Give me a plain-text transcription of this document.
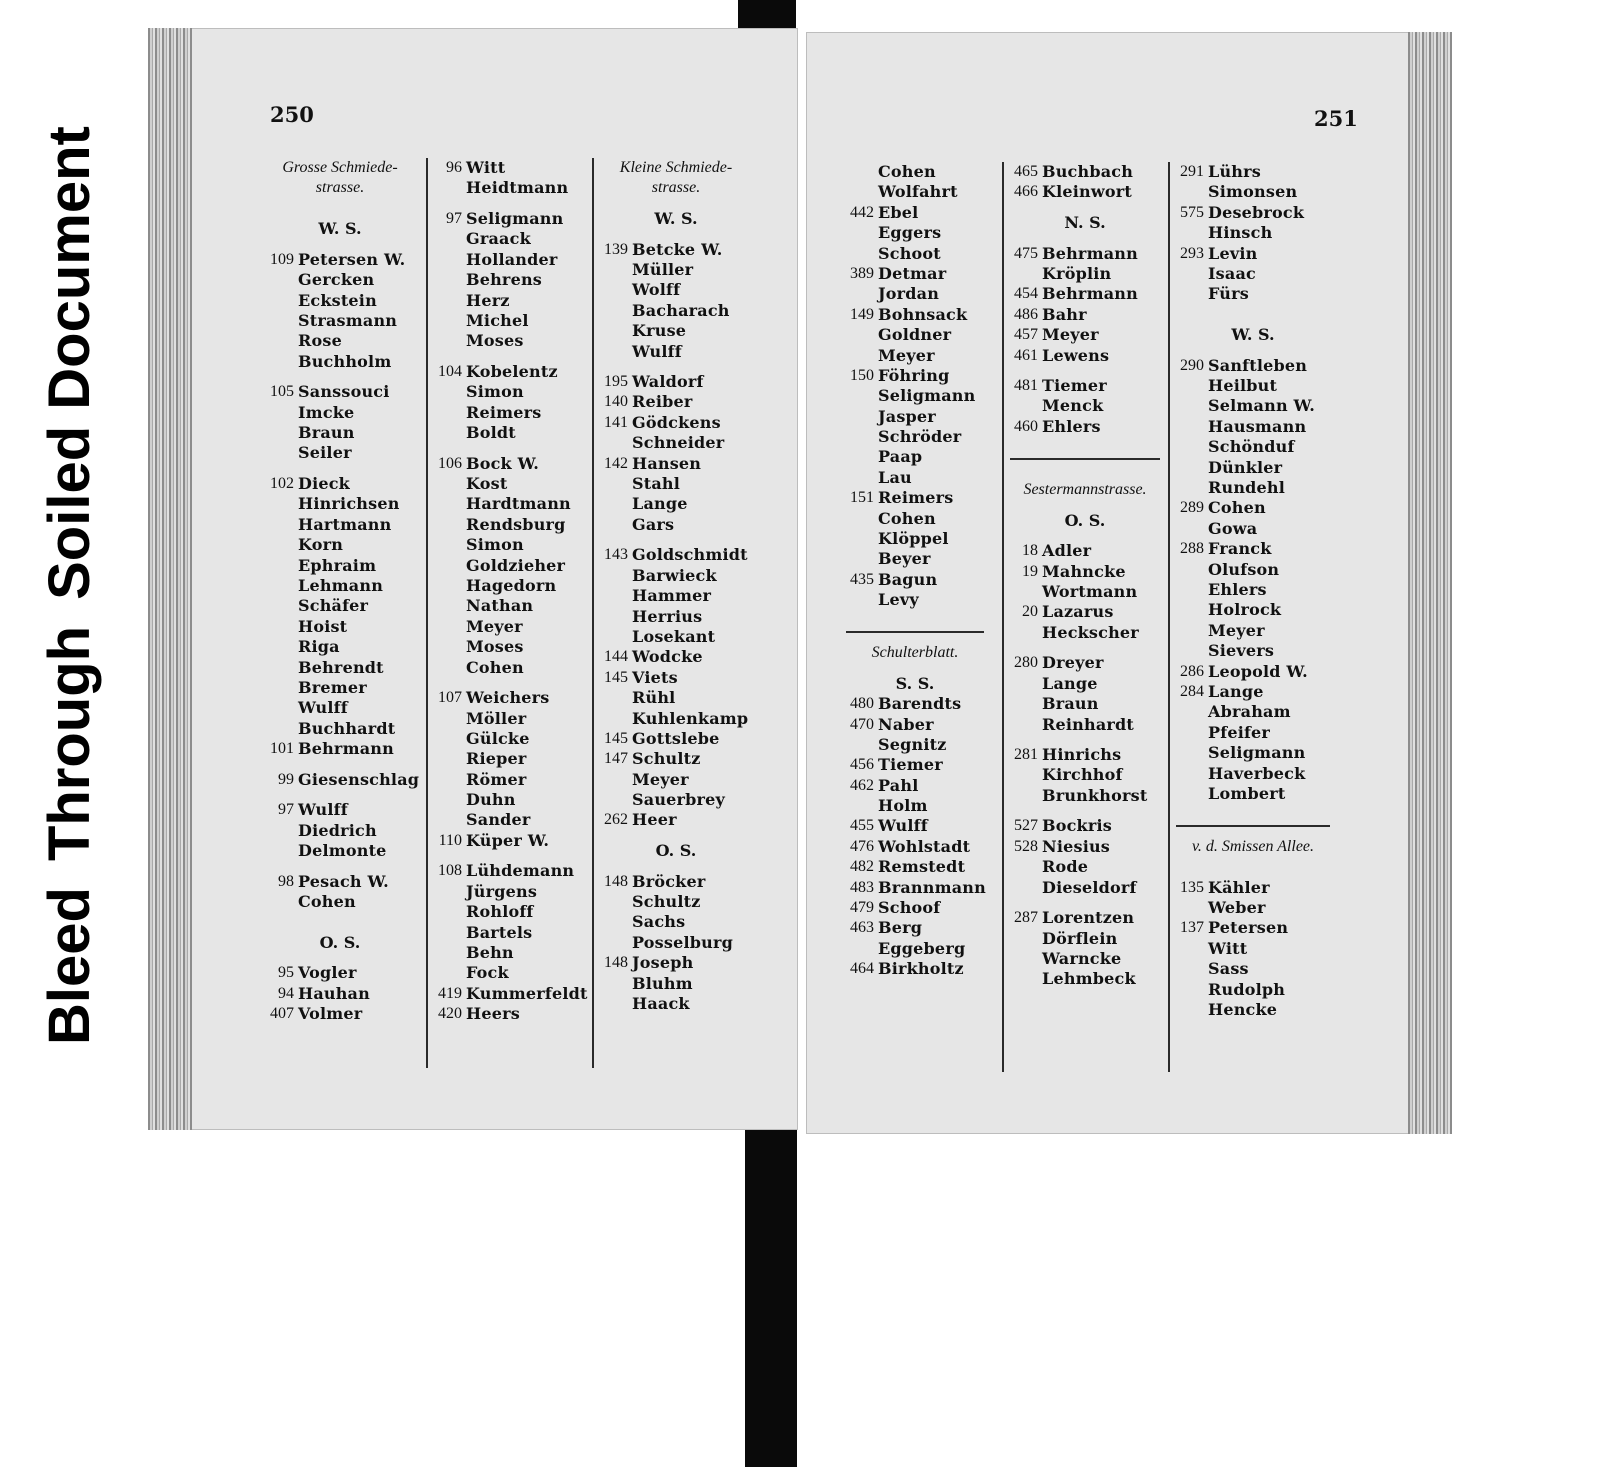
BleedThroughSoiled Document
250
Grosse Schmiede-
strasse.
W. S.
109 Petersen W.
Gercken
Eckstein
Strasmann
Rose
Buchholm
105 Sanssouci
Imcke
Braun
Seiler
102 Dieck
Hinrichsen
Hartmann
Korn
Ephraim
Lehmann
Schäfer
Hoist
Riga
Behrendt
Bremer
Wulff
Buchhardt
101 Behrmann
99 Giesenschlag
97 Wulff
Diedrich
Delmonte
98 Pesach W.
Cohen
O. S.
95 Vogler
94 Hauhan
407 Volmer
96 Witt
Heidtmann
97 Seligmann
Graack
Hollander
Behrens
Herz
Michel
Moses
104 Kobelentz
Simon
Reimers
Boldt
106 Bock W.
Kost
Hardtmann
Rendsburg
Simon
Goldzieher
Hagedorn
Nathan
Meyer
Moses
Cohen
107 Weichers
Möller
Gülcke
Rieper
Römer
Duhn
Sander
110 Küper W.
108 Lühdemann
Jürgens
Rohloff
Bartels
Behn
Fock
419 Kummerfeldt
420 Heers
Kleine Schmiede-
strasse.
W. S.
139 Betcke W.
Müller
Wolff
Bacharach
Kruse
Wulff
195 Waldorf
140 Reiber
141 Gödckens
Schneider
142 Hansen
Stahl
Lange
Gars
143 Goldschmidt
Barwieck
Hammer
Herrius
Losekant
144 Wodcke
145 Viets
Rühl
Kuhlenkamp
145 Gottslebe
147 Schultz
Meyer
Sauerbrey
262 Heer
O. S.
148 Bröcker
Schultz
Sachs
Posselburg
148 Joseph
Bluhm
Haack
251
Cohen
Wolfahrt
442 Ebel
Eggers
Schoot
389 Detmar
Jordan
149 Bohnsack
Goldner
Meyer
150 Föhring
Seligmann
Jasper
Schröder
Paap
Lau
151 Reimers
Cohen
Klöppel
Beyer
435 Bagun
Levy
Schulterblatt.
S. S.
480 Barendts
470 Naber
Segnitz
456 Tiemer
462 Pahl
Holm
455 Wulff
476 Wohlstadt
482 Remstedt
483 Brannmann
479 Schoof
463 Berg
Eggeberg
464 Birkholtz
465 Buchbach
466 Kleinwort
N. S.
475 Behrmann
Kröplin
454 Behrmann
486 Bahr
457 Meyer
461 Lewens
481 Tiemer
Menck
460 Ehlers
Sestermannstrasse.
O. S.
18 Adler
19 Mahncke
Wortmann
20 Lazarus
Heckscher
280 Dreyer
Lange
Braun
Reinhardt
281 Hinrichs
Kirchhof
Brunkhorst
527 Bockris
528 Niesius
Rode
Dieseldorf
287 Lorentzen
Dörflein
Warncke
Lehmbeck
291 Lührs
Simonsen
575 Desebrock
Hinsch
293 Levin
Isaac
Fürs
W. S.
290 Sanftleben
Heilbut
Selmann W.
Hausmann
Schönduf
Dünkler
Rundehl
289 Cohen
Gowa
288 Franck
Olufson
Ehlers
Holrock
Meyer
Sievers
286 Leopold W.
284 Lange
Abraham
Pfeifer
Seligmann
Haverbeck
Lombert
v. d. Smissen Allee.
135 Kähler
Weber
137 Petersen
Witt
Sass
Rudolph
Hencke
